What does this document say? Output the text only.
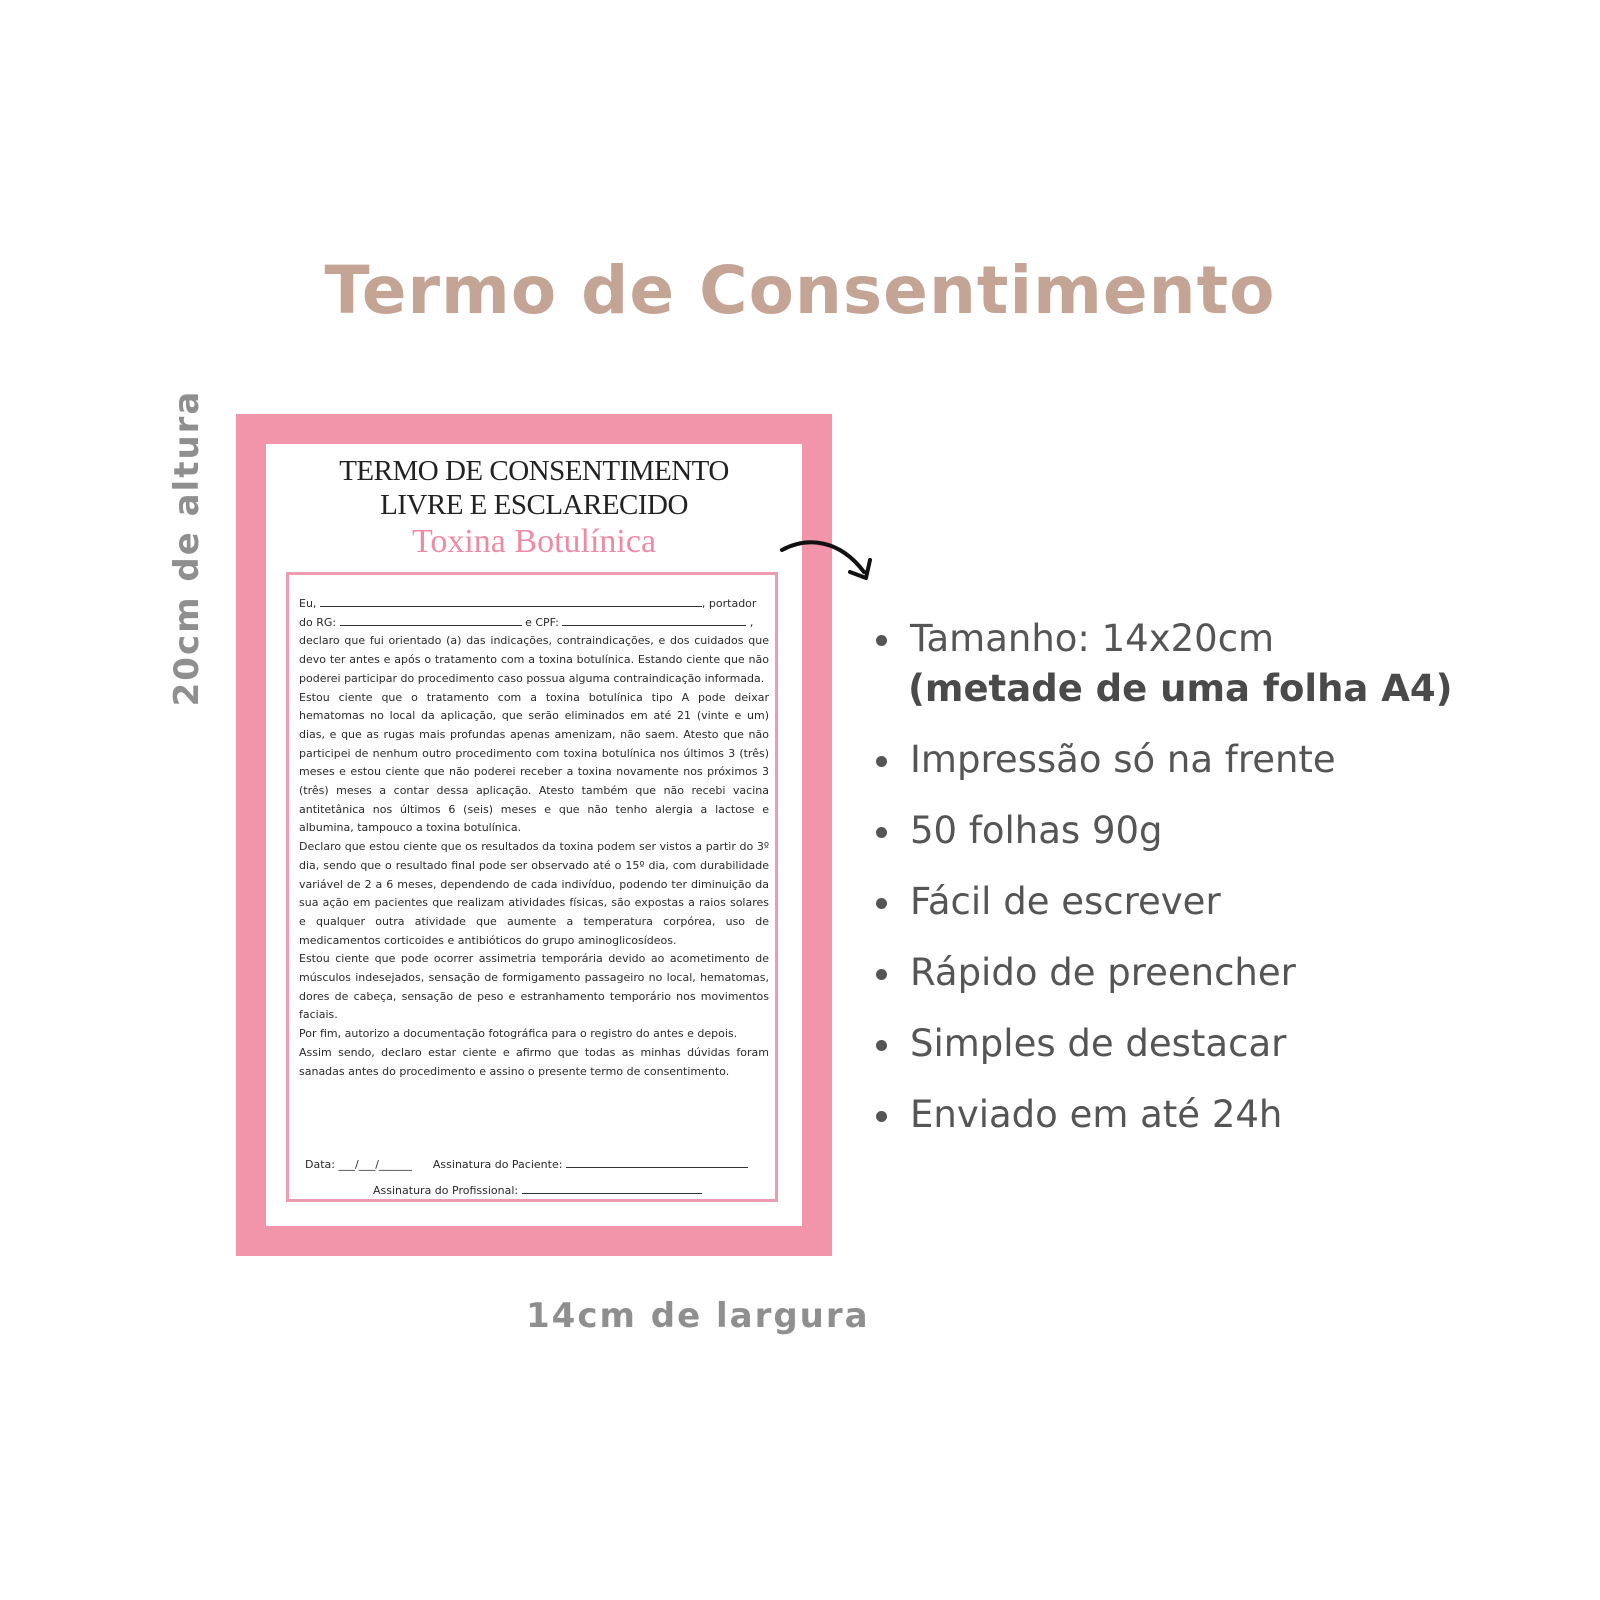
Termo de Consentimento
20cm de altura	TERMO DE CONSENTIMENTO
LIVRE E ESCLARECIDO
Toxina Botulínica

Eu,	, portador

do RG:	e CPF:	,

declaro que fui orientado (a) das indicações, contraindicações, e dos cuidados que devo ter antes e após o tratamento com a toxina botulínica. Estando ciente que não poderei participar do procedimento caso possua alguma contraindicação informada.

Estou ciente que o tratamento com a toxina botulínica tipo A pode deixar hematomas no local da aplicação, que serão eliminados em até 21 (vinte e um) dias, e que as rugas mais profundas apenas amenizam, não saem. Atesto que não participei de nenhum outro procedimento com toxina botulínica nos últimos 3 (três) meses e estou ciente que não poderei receber a toxina novamente nos próximos 3 (três) meses a contar dessa aplicação. Atesto também que não recebi vacina antitetânica nos últimos 6 (seis) meses e que não tenho alergia a lactose e albumina, tampouco a toxina botulínica.

Declaro que estou ciente que os resultados da toxina podem ser vistos a partir do 3º dia, sendo que o resultado final pode ser observado até o 15º dia, com durabilidade variável de 2 a 6 meses, dependendo de cada indivíduo, podendo ter diminuição da sua ação em pacientes que realizam atividades físicas, são expostas a raios solares e qualquer outra atividade que aumente a temperatura corpórea, uso de medicamentos corticoides e antibióticos do grupo aminoglicosídeos.

Estou ciente que pode ocorrer assimetria temporária devido ao acometimento de músculos indesejados, sensação de formigamento passageiro no local, hematomas, dores de cabeça, sensação de peso e estranhamento temporário nos movimentos faciais.

Por fim, autorizo a documentação fotográfica para o registro do antes e depois.

Assim sendo, declaro estar ciente e afirmo que todas as minhas dúvidas foram sanadas antes do procedimento e assino o presente termo de consentimento.

Data: ___/___/______ Assinatura do Paciente:
Assinatura do Profissional:
Tamanho: 14x20cm
(metade de uma folha A4)
Impressão só na frente
50 folhas 90g
Fácil de escrever
Rápido de preencher
Simples de destacar
Enviado em até 24h
14cm de largura
